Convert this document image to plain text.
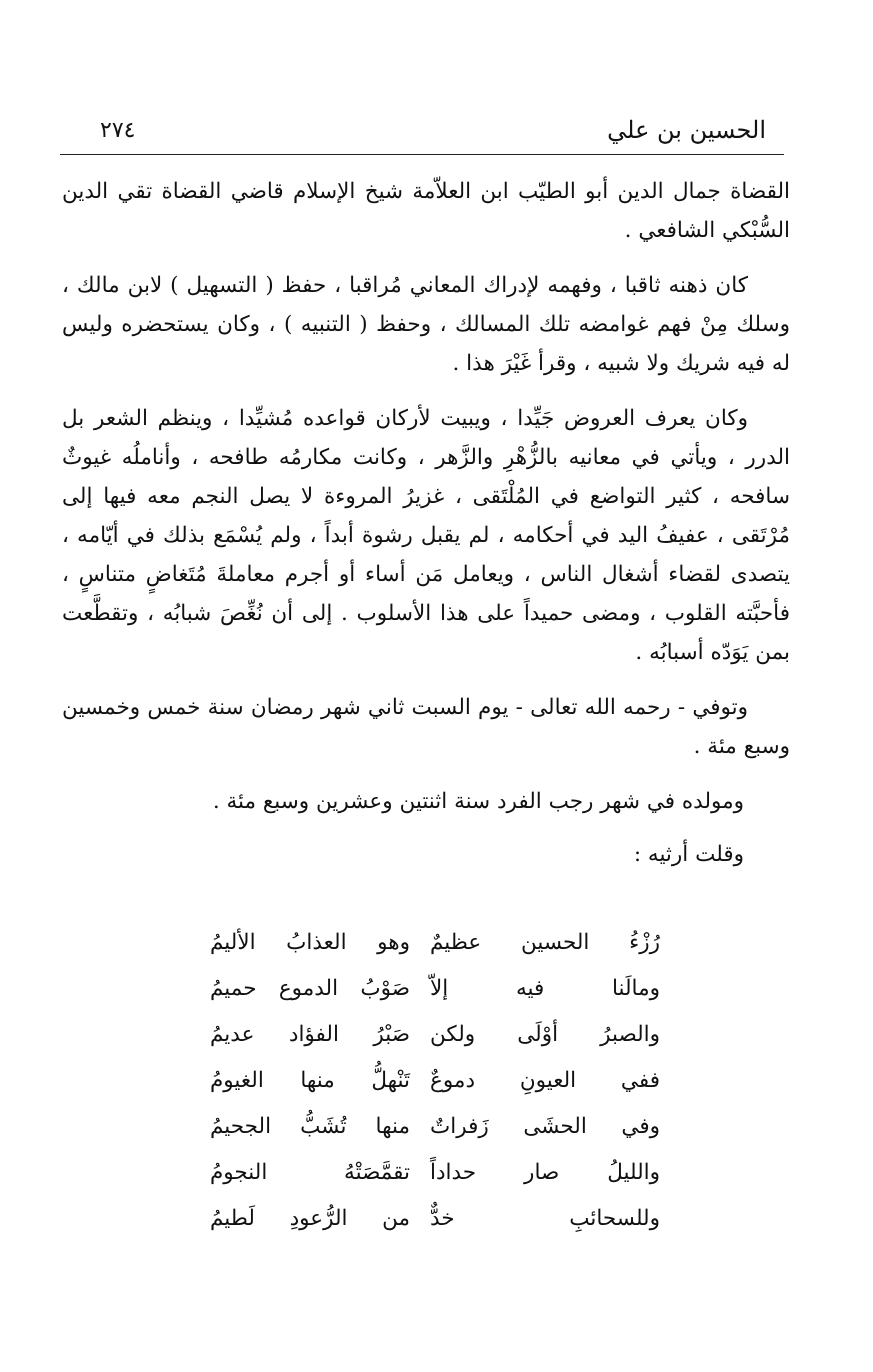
الحسين بن علي
٢٧٤

القضاة جمال الدين أبو الطيّب ابن العلاّمة شيخ الإسلام قاضي القضاة تقي الدين السُّبْكي الشافعي .

كان ذهنه ثاقبا ، وفهمه لإدراك المعاني مُراقبا ، حفظ ( التسهيل ) لابن مالك ، وسلك مِنْ فهم غوامضه تلك المسالك ، وحفظ ( التنبيه ) ، وكان يستحضره وليس له فيه شريك ولا شبيه ، وقرأ غَيْرَ هذا .

وكان يعرف العروض جَيِّدا ، ويبيت لأركان قواعده مُشيِّدا ، وينظم الشعر بل الدرر ، ويأتي في معانيه بالزُّهْرِ والزَّهر ، وكانت مكارمُه طافحه ، وأناملُه غيوثٌ سافحه ، كثير التواضع في المُلْتَقى ، غزيرُ المروءة لا يصل النجم معه فيها إلى مُرْتَقى ، عفيفُ اليد في أحكامه ، لم يقبل رشوة أبداً ، ولم يُسْمَع بذلك في أيّامه ، يتصدى لقضاء أشغال الناس ، ويعامل مَن أساء أو أجرم معاملةَ مُتَغاضٍ متناسٍ ، فأحبَّته القلوب ، ومضى حميداً على هذا الأسلوب . إلى أن نُغِّصَ شبابُه ، وتقطَّعت بمن يَوَدّه أسبابُه .

وتوفي - رحمه الله تعالى - يوم السبت ثاني شهر رمضان سنة خمس وخمسين وسبع مئة .

ومولده في شهر رجب الفرد سنة اثنتين وعشرين وسبع مئة .

وقلت أرثيه :

رُزْءُ الحسين عظيمٌ
وهو العذابُ الأليمُ
ومالَنا فيه إلاّ
صَوْبُ الدموع حميمُ
والصبرُ أوْلَى ولكن
صَبْرُ الفؤاد عديمُ
ففي العيونِ دموعٌ
تَنْهلُّ منها الغيومُ
وفي الحشَى زَفراتٌ
منها تُشَبُّ الجحيمُ
والليلُ صار حداداً
تقمَّصَتْهُ النجومُ
وللسحائبِ خدٌّ
من الرُّعودِ لَطيمُ
